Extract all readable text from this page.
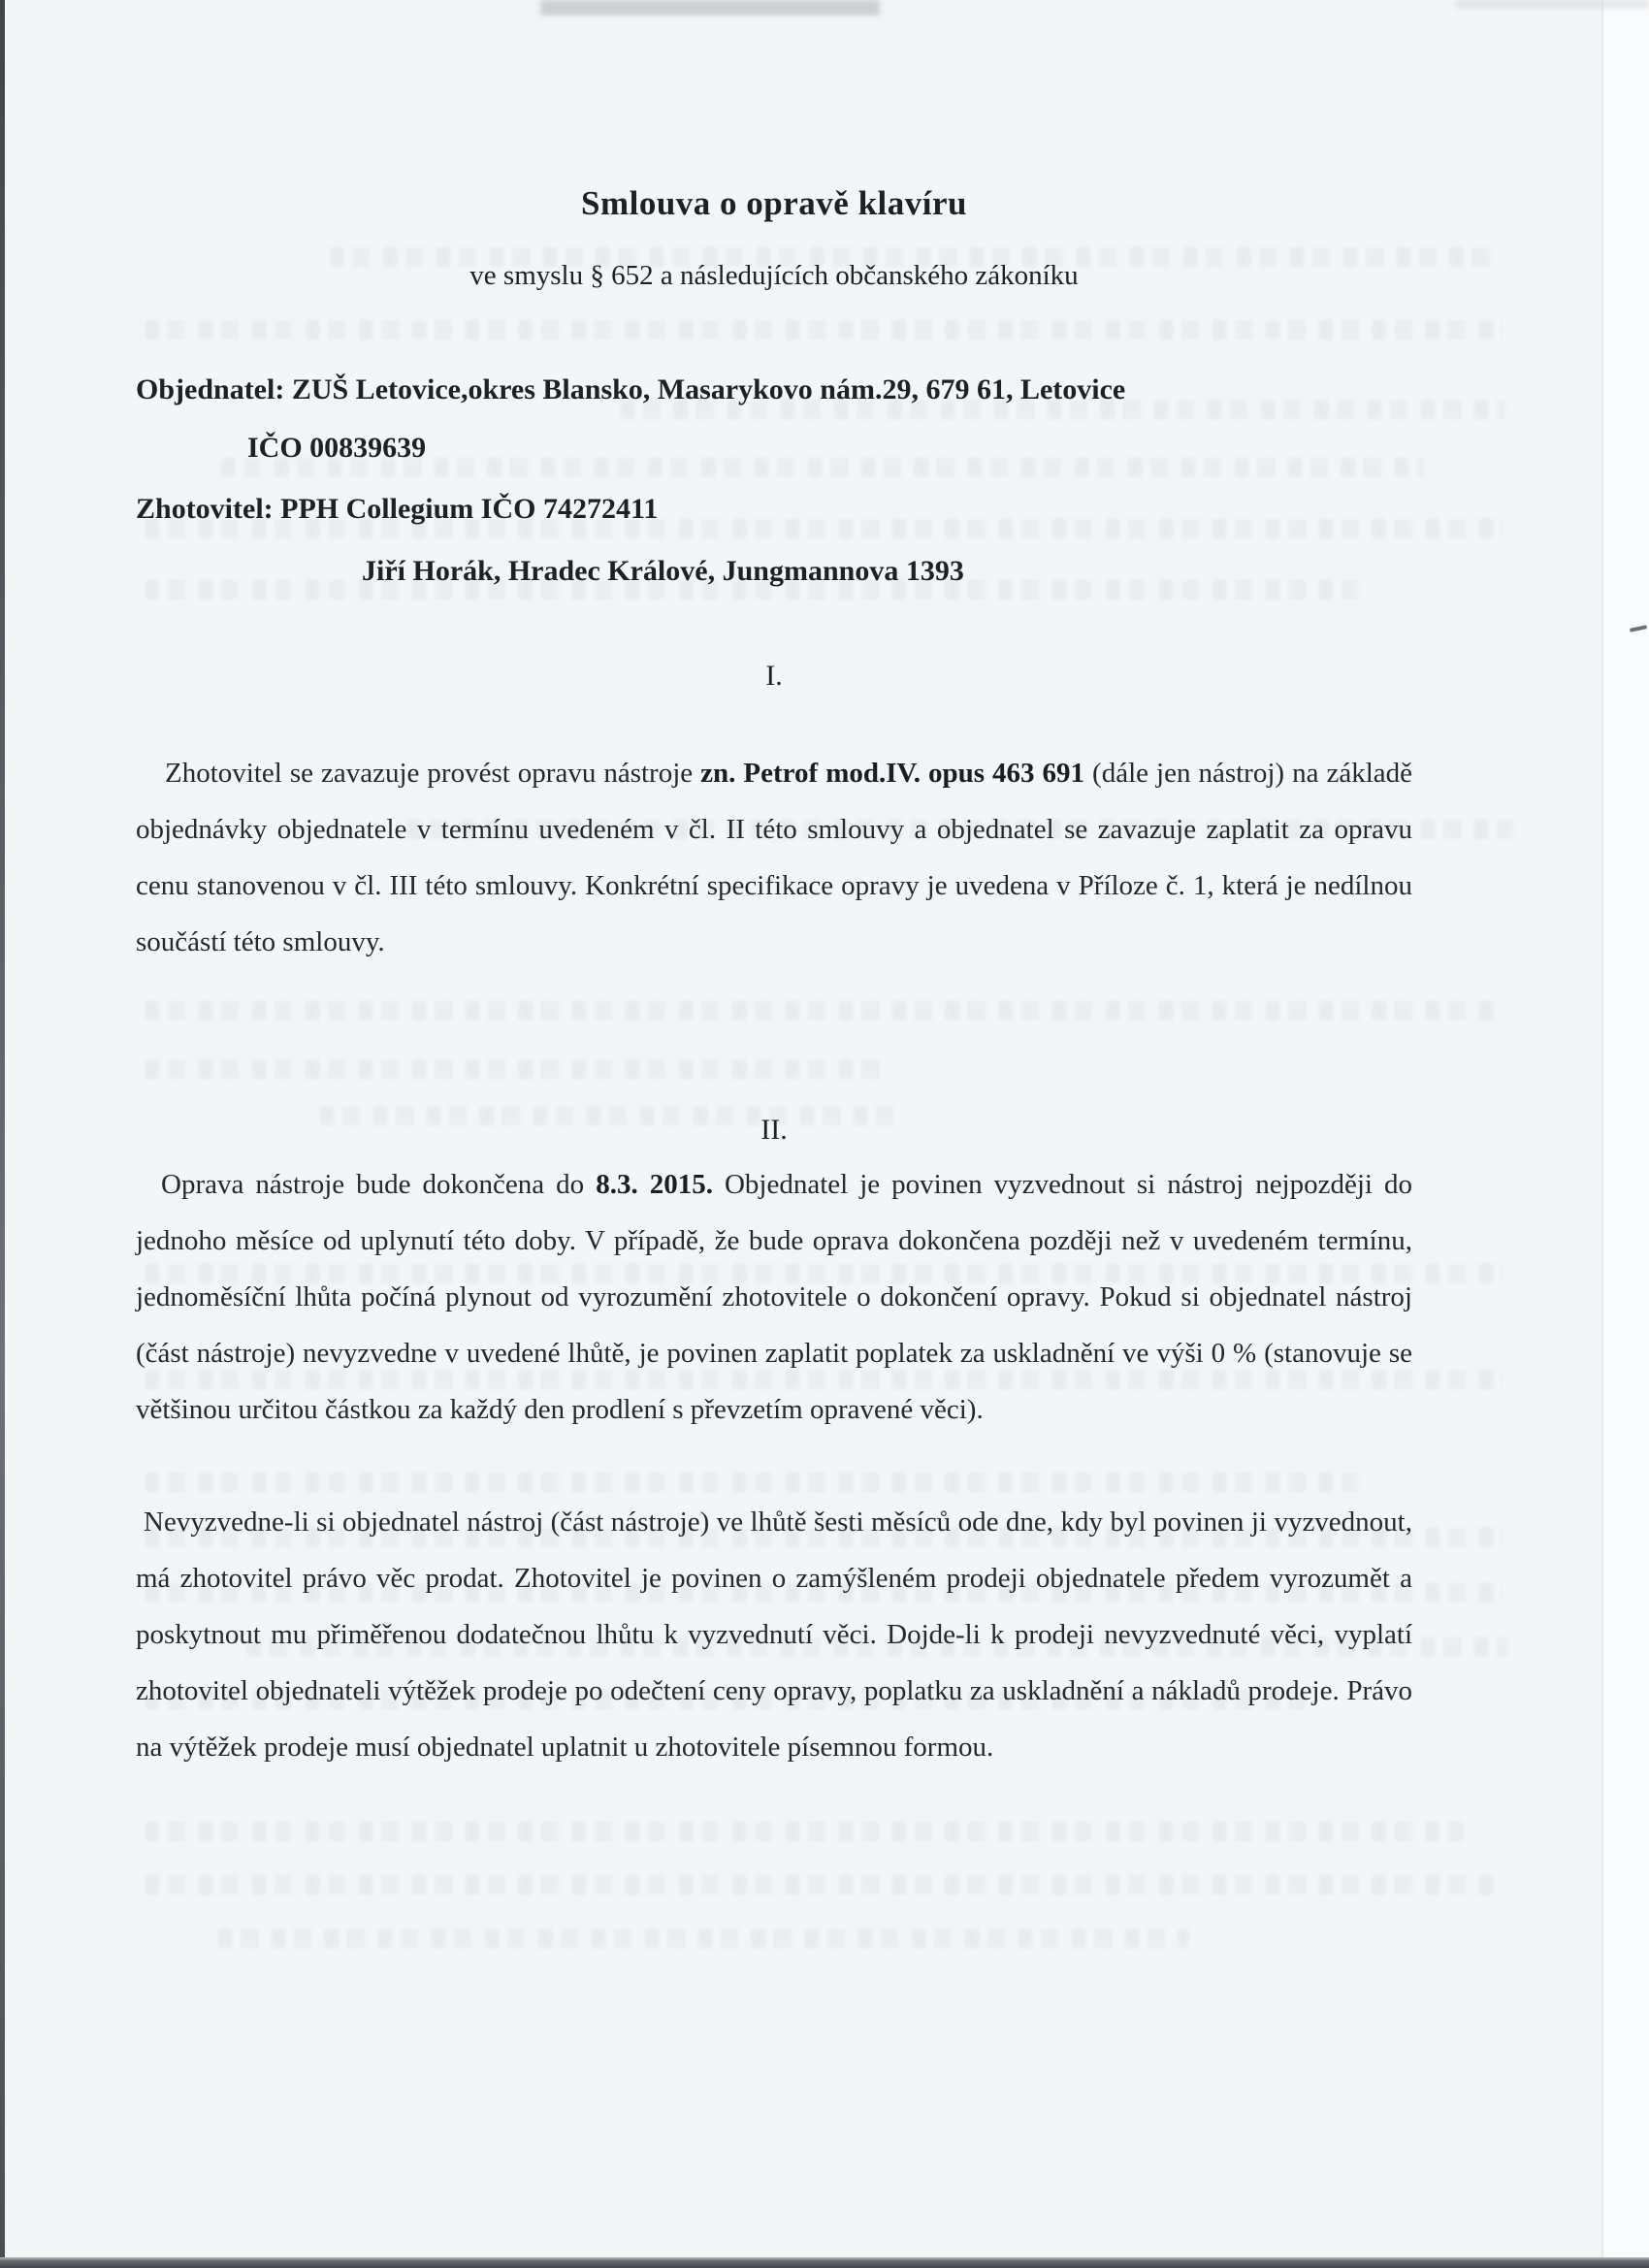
Smlouva o opravě klavíru
ve smyslu § 652 a následujících občanského zákoníku
Objednatel: ZUŠ Letovice,okres Blansko, Masarykovo nám.29, 679 61, Letovice
IČO 00839639
Zhotovitel: PPH Collegium IČO 74272411
Jiří Horák, Hradec Králové, Jungmannova 1393
I.

Zhotovitel se zavazuje provést opravu nástroje zn. Petrof mod.IV. opus 463 691 (dále jen nástroj) na základě objednávky objednatele v termínu uvedeném v čl. II této smlouvy a objednatel se zavazuje zaplatit za opravu cenu stanovenou v čl. III této smlouvy. Konkrétní specifikace opravy je uvedena v Příloze č. 1, která je nedílnou součástí této smlouvy.

II.

Oprava nástroje bude dokončena do 8.3. 2015. Objednatel je povinen vyzvednout si nástroj nejpozději do jednoho měsíce od uplynutí této doby. V případě, že bude oprava dokončena později než v uvedeném termínu, jednoměsíční lhůta počíná plynout od vyrozumění zhotovitele o dokončení opravy. Pokud si objednatel nástroj (část nástroje) nevyzvedne v uvedené lhůtě, je povinen zaplatit poplatek za uskladnění ve výši 0 % (stanovuje se většinou určitou částkou za každý den prodlení s převzetím opravené věci).

Nevyzvedne-li si objednatel nástroj (část nástroje) ve lhůtě šesti měsíců ode dne, kdy byl povinen ji vyzvednout, má zhotovitel právo věc prodat. Zhotovitel je povinen o zamýšleném prodeji objednatele předem vyrozumět a poskytnout mu přiměřenou dodatečnou lhůtu k vyzvednutí věci. Dojde-li k prodeji nevyzvednuté věci, vyplatí zhotovitel objednateli výtěžek prodeje po odečtení ceny opravy, poplatku za uskladnění a nákladů prodeje. Právo na výtěžek prodeje musí objednatel uplatnit u zhotovitele písemnou formou.
